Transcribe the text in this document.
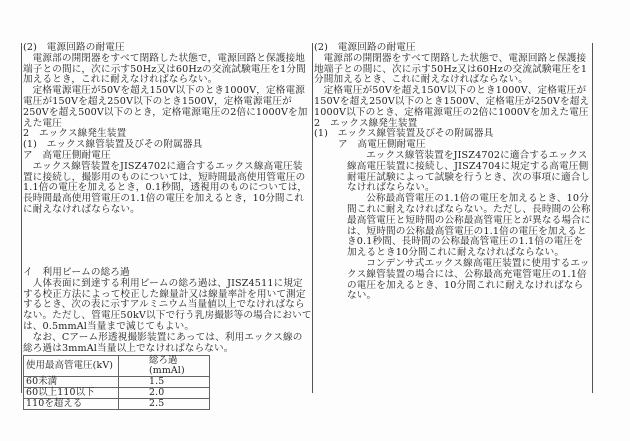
(2)　電源回路の耐電圧

電源部の開閉器をすべて閉路した状態で，電源回路と保護接地端子との間に，次に示す50Hz又は60Hzの交流試験電圧を1分間加えるとき，これに耐えなければならない。

定格電源電圧が50Vを超え150V以下のとき1000V，定格電源電圧が150Vを超え250V以下のとき1500V，定格電源電圧が250Vを超え500V以下のとき，定格電源電圧の2倍に1000Vを加えた電圧

2　エックス線発生装置

(1)　エックス線管装置及びその附属器具

ア　高電圧側耐電圧

エックス線管装置をJISZ4702に適合するエックス線高電圧装置に接続し，撮影用のものについては，短時間最高使用管電圧の1.1倍の電圧を加えるとき，0.1秒間，透視用のものについては，長時間最高使用管電圧の1.1倍の電圧を加えるとき，10分間これに耐えなければならない。

イ　利用ビームの総ろ過

人体表面に到達する利用ビームの総ろ過は、JISZ4511に規定する校正方法によって校正した線量計又は線量率計を用いて測定するとき、次の表に示すアルミニウム当量値以上でなければならない。ただし、管電圧50kV以下で行う乳房撮影等の場合においては、0.5mmAl当量まで減じてもよい。

なお、Cアーム形透視撮影装置にあっては、利用エックス線の総ろ過は3mmAl当量以上でなければならない。

使用最高管電圧(kV)	総ろ過(mmAl)
60未満	1.5
60以上110以下	2.0
110を超える	2.5

(2)　電源回路の耐電圧

電源部の開閉器をすべて閉路した状態で、電源回路と保護接地端子との間に、次に示す50Hz又は60Hzの交流試験電圧を1分間加えるとき、これに耐えなければならない。

定格電圧が50Vを超え150V以下のとき1000V、定格電圧が150Vを超え250V以下のとき1500V、定格電圧が250Vを超え1000V以下のとき、定格電源電圧の2倍に1000Vを加えた電圧

2　エックス線発生装置

(1)　エックス線管装置及びその附属器具

ア　高電圧側耐電圧

エックス線管装置をJISZ4702に適合するエックス線高電圧装置に接続し、JISZ4704に規定する高電圧側耐電圧試験によって試験を行うとき、次の事項に適合しなければならない。

公称最高管電圧の1.1倍の電圧を加えるとき、10分間これに耐えなければならない。ただし、長時間の公称最高管電圧と短時間の公称最高管電圧とが異なる場合には、短時間の公称最高管電圧の1.1倍の電圧を加えるとき0.1秒間、長時間の公称最高管電圧の1.1倍の電圧を加えるとき10分間これに耐えなければならない。

コンデンサ式エックス線高電圧装置に使用するエックス線管装置の場合には、公称最高充電管電圧の1.1倍の電圧を加えるとき、10分間これに耐えなければならない。
